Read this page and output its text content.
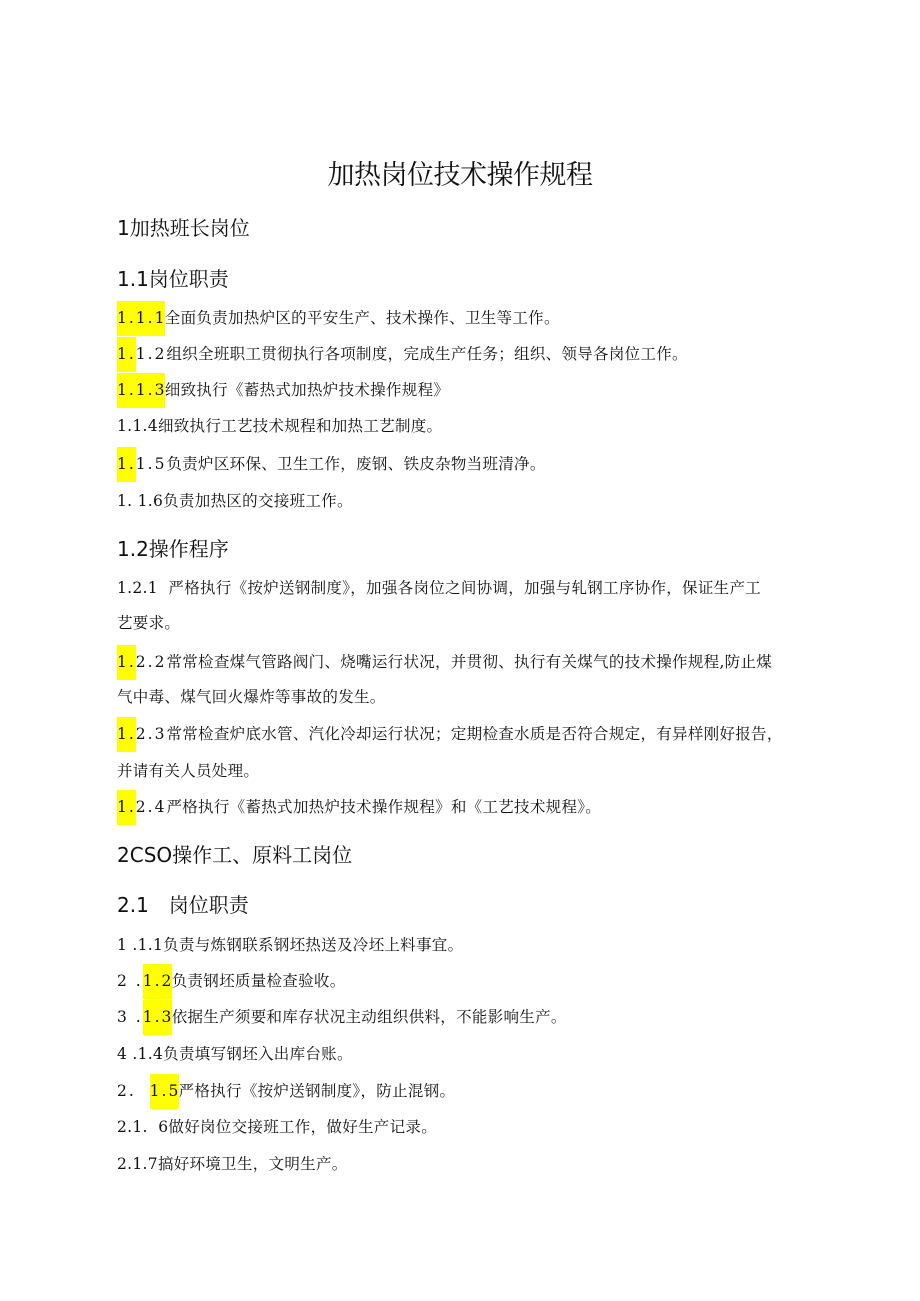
加热岗位技术操作规程
1加热班长岗位
1.1岗位职责
1.1.1全面负责加热炉区的平安生产、技术操作、卫生等工作。
1.1.2组织全班职工贯彻执行各项制度，完成生产任务；组织、领导各岗位工作。
1.1.3细致执行《蓄热式加热炉技术操作规程》
1.1.4细致执行工艺技术规程和加热工艺制度。
1.1.5负责炉区环保、卫生工作，废钢、铁皮杂物当班清净。
1. 1.6负责加热区的交接班工作。
1.2操作程序
1.2.1  严格执行《按炉送钢制度》，加强各岗位之间协调，加强与轧钢工序协作，保证生产工
艺要求。
1.2.2常常检查煤气管路阀门、烧嘴运行状况，并贯彻、执行有关煤气的技术操作规程,防止煤
气中毒、煤气回火爆炸等事故的发生。
1.2.3常常检查炉底水管、汽化冷却运行状况；定期检查水质是否符合规定，有异样刚好报告，
并请有关人员处理。
1.2.4严格执行《蓄热式加热炉技术操作规程》和《工艺技术规程》。
2CSO操作工、原料工岗位
2.1　岗位职责
1 .1.1负责与炼钢联系钢坯热送及冷坯上料事宜。
2 .1.2负责钢坯质量检查验收。
3 .1.3依据生产须要和库存状况主动组织供料，不能影响生产。
4 .1.4负责填写钢坯入出库台账。
2.  1.5严格执行《按炉送钢制度》，防止混钢。
2.1.  6做好岗位交接班工作，做好生产记录。
2.1.7搞好环境卫生，文明生产。
